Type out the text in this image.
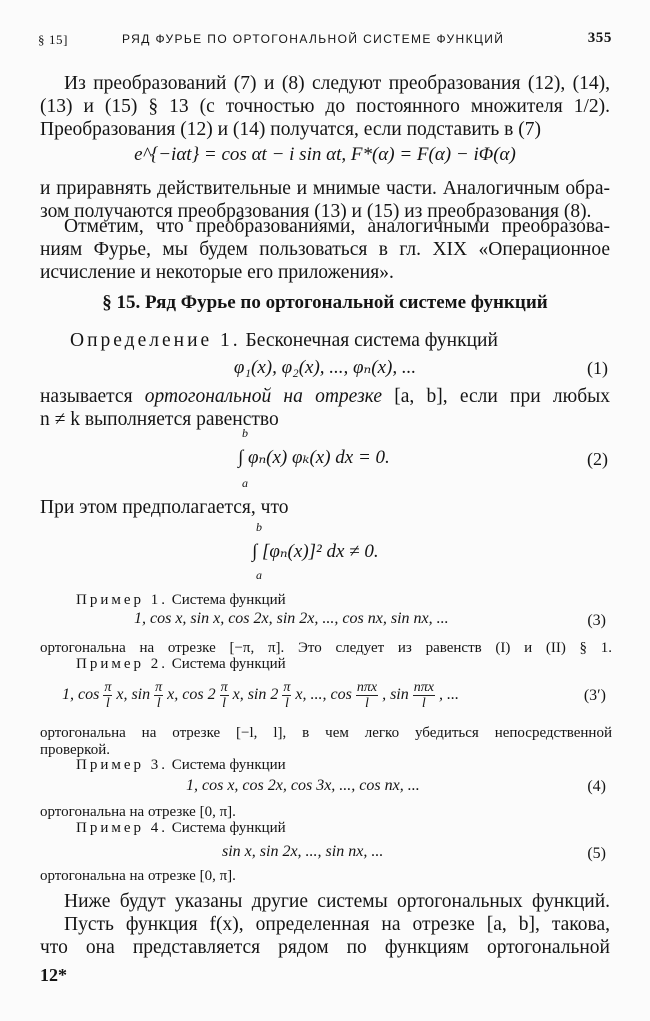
§ 15]	РЯД ФУРЬЕ ПО ОРТОГОНАЛЬНОЙ СИСТЕМЕ ФУНКЦИЙ	355
Из преобразований (7) и (8) следуют преобразования (12), (14),
(13) и (15) § 13 (с точностью до постоянного множителя 1/2).
Преобразования (12) и (14) получатся, если подставить в (7)
e^{−iαt} = cos αt − i sin αt, F*(α) = F(α) − iΦ(α)
и приравнять действительные и мнимые части. Аналогичным обра-
зом получаются преобразования (13) и (15) из преобразования (8).
Отметим, что преобразованиями, аналогичными преобразова-
ниям Фурье, мы будем пользоваться в гл. XIX «Операционное
исчисление и некоторые его приложения».
§ 15. Ряд Фурье по ортогональной системе функций
Определение 1. Бесконечная система функций
φ₁(x), φ₂(x), ..., φₙ(x), ...	(1)
называется ортогональной на отрезке [a, b], если при любых
n ≠ k выполняется равенство
b
a
∫ φₙ(x) φₖ(x) dx = 0.	(2)
При этом предполагается, что
b
a
∫ [φₙ(x)]² dx ≠ 0.
Пример 1. Система функций
1, cos x, sin x, cos 2x, sin 2x, ..., cos nx, sin nx, ...	(3)
ортогональна на отрезке [−π, π]. Это следует из равенств (I) и (II) § 1.
Пример 2. Система функций
1, $\cos \frac{\pi}{l} x$, $\sin \frac{\pi}{l} x$, $\cos 2 \frac{\pi}{l} x$, $\sin 2 \frac{\pi}{l} x$, ..., $\cos \frac{\text{nπx}}{l}$ , $\sin \frac{\text{nπx}}{l}$ , ...	(3′)
ортогональна на отрезке [−l, l], в чем легко убедиться непосредственной
проверкой.
Пример 3. Система функции
1, cos x, cos 2x, cos 3x, ..., cos nx, ...	(4)
ортогональна на отрезке [0, π].
Пример 4. Система функций
sin x, sin 2x, ..., sin nx, ...	(5)
ортогональна на отрезке [0, π].
Ниже будут указаны другие системы ортогональных функций.
Пусть функция f(x), определенная на отрезке [a, b], такова,
что она представляется рядом по функциям ортогональной
12*
